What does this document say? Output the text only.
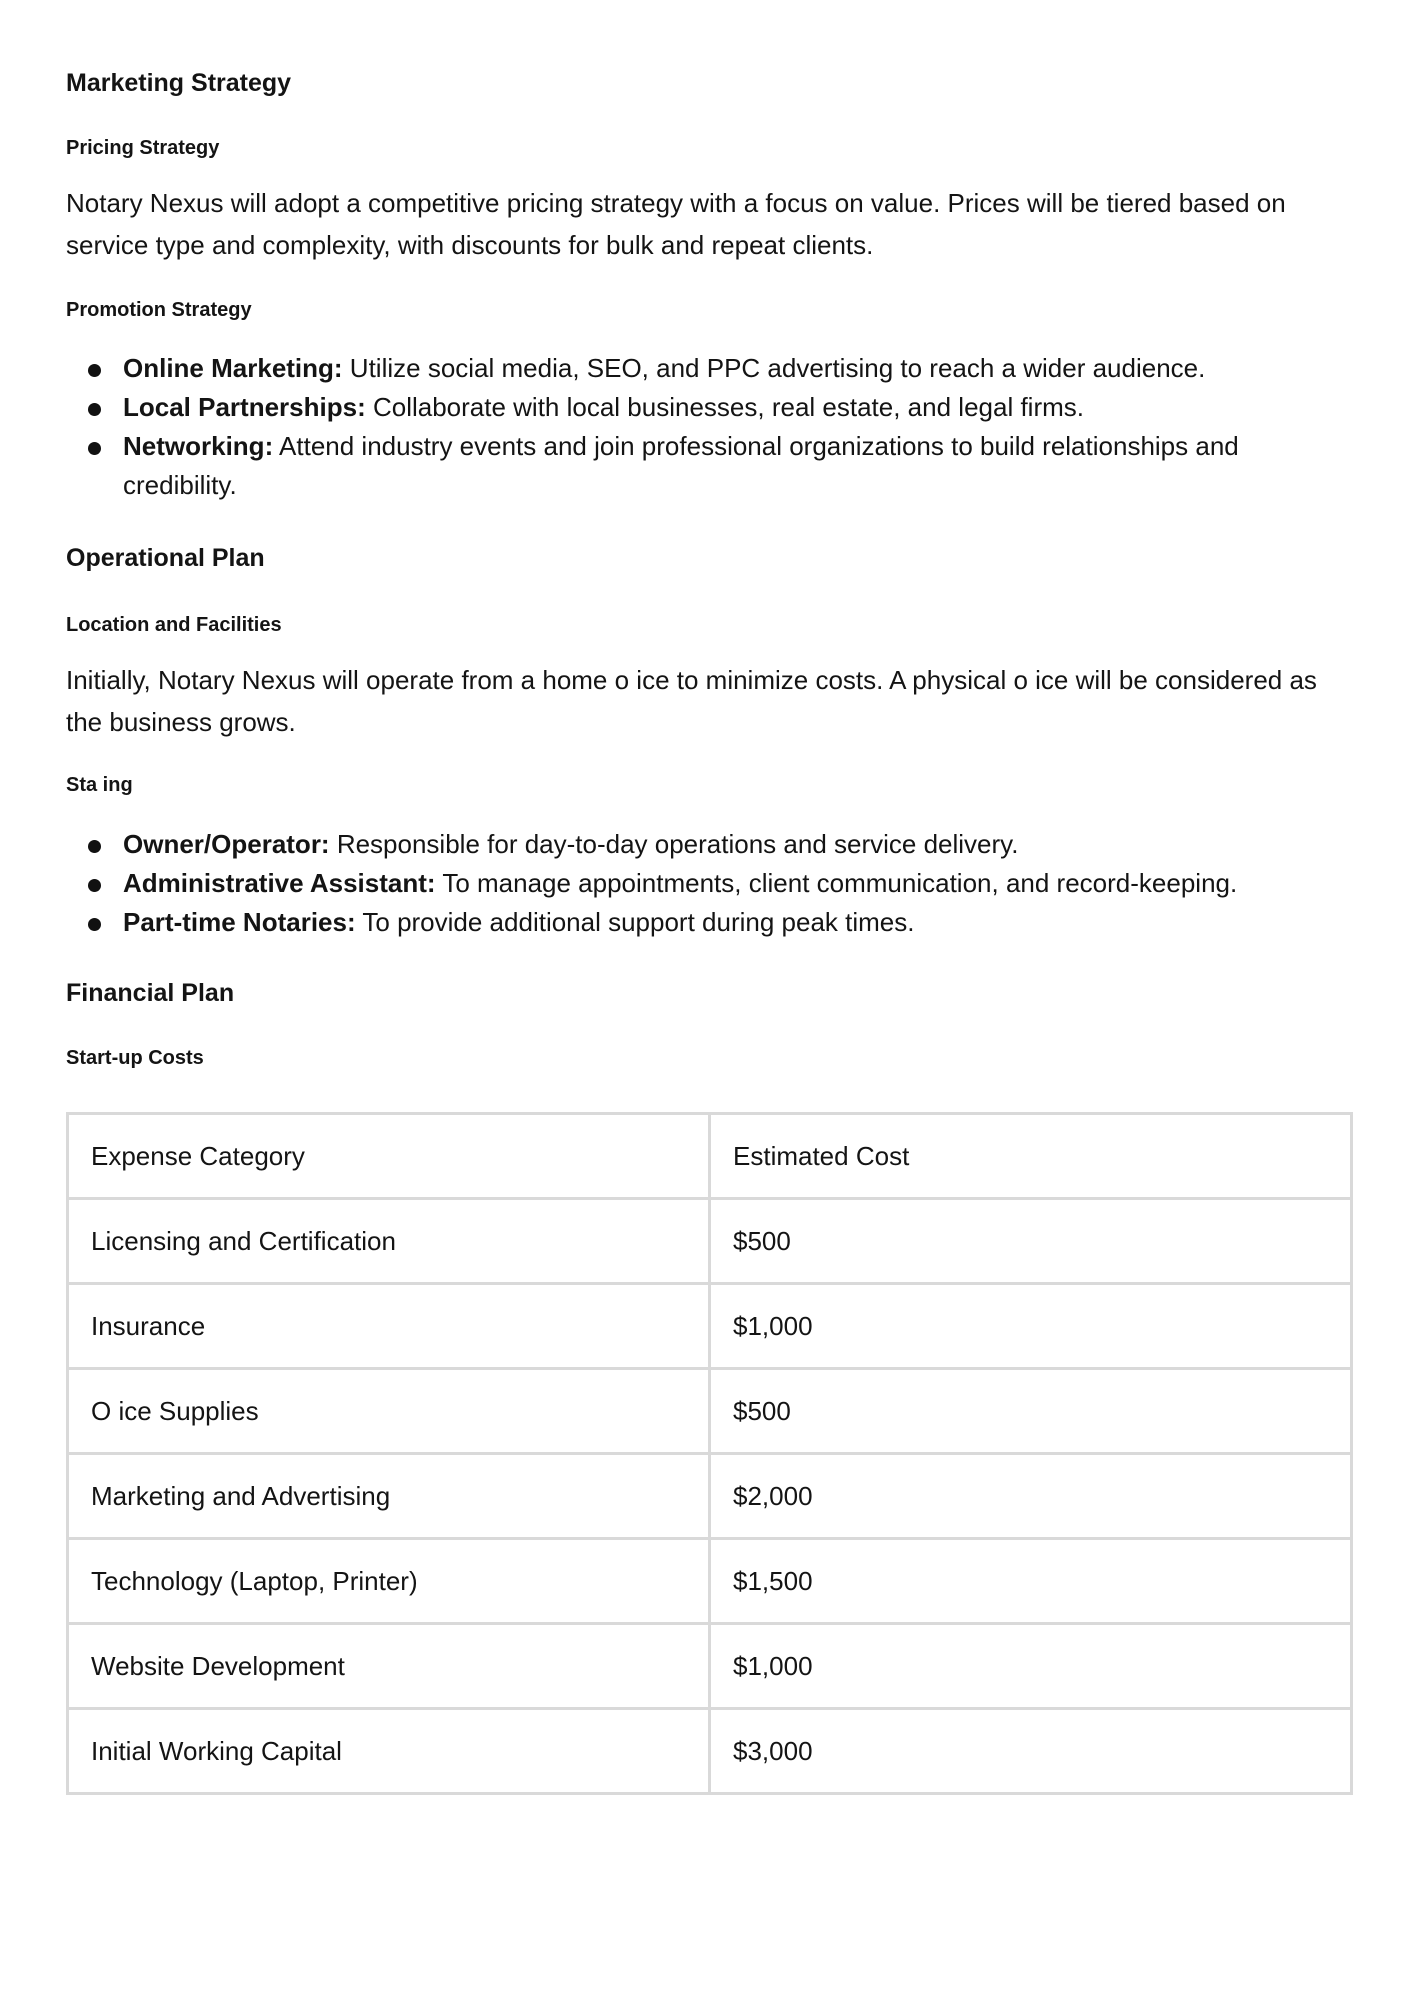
Marketing Strategy
Pricing Strategy

Notary Nexus will adopt a competitive pricing strategy with a focus on value. Prices will be tiered based on service type and complexity, with discounts for bulk and repeat clients.

Promotion Strategy
Online Marketing: Utilize social media, SEO, and PPC advertising to reach a wider audience.
Local Partnerships: Collaborate with local businesses, real estate, and legal firms.
Networking: Attend industry events and join professional organizations to build relationships and credibility.
Operational Plan
Location and Facilities

Initially, Notary Nexus will operate from a home o ice to minimize costs. A physical o ice will be considered as the business grows.

Sta ing
Owner/Operator: Responsible for day-to-day operations and service delivery.
Administrative Assistant: To manage appointments, client communication, and record-keeping.
Part-time Notaries: To provide additional support during peak times.
Financial Plan
Start-up Costs
Expense Category	Estimated Cost
Licensing and Certification	$500
Insurance	$1,000
O ice Supplies	$500
Marketing and Advertising	$2,000
Technology (Laptop, Printer)	$1,500
Website Development	$1,000
Initial Working Capital	$3,000
